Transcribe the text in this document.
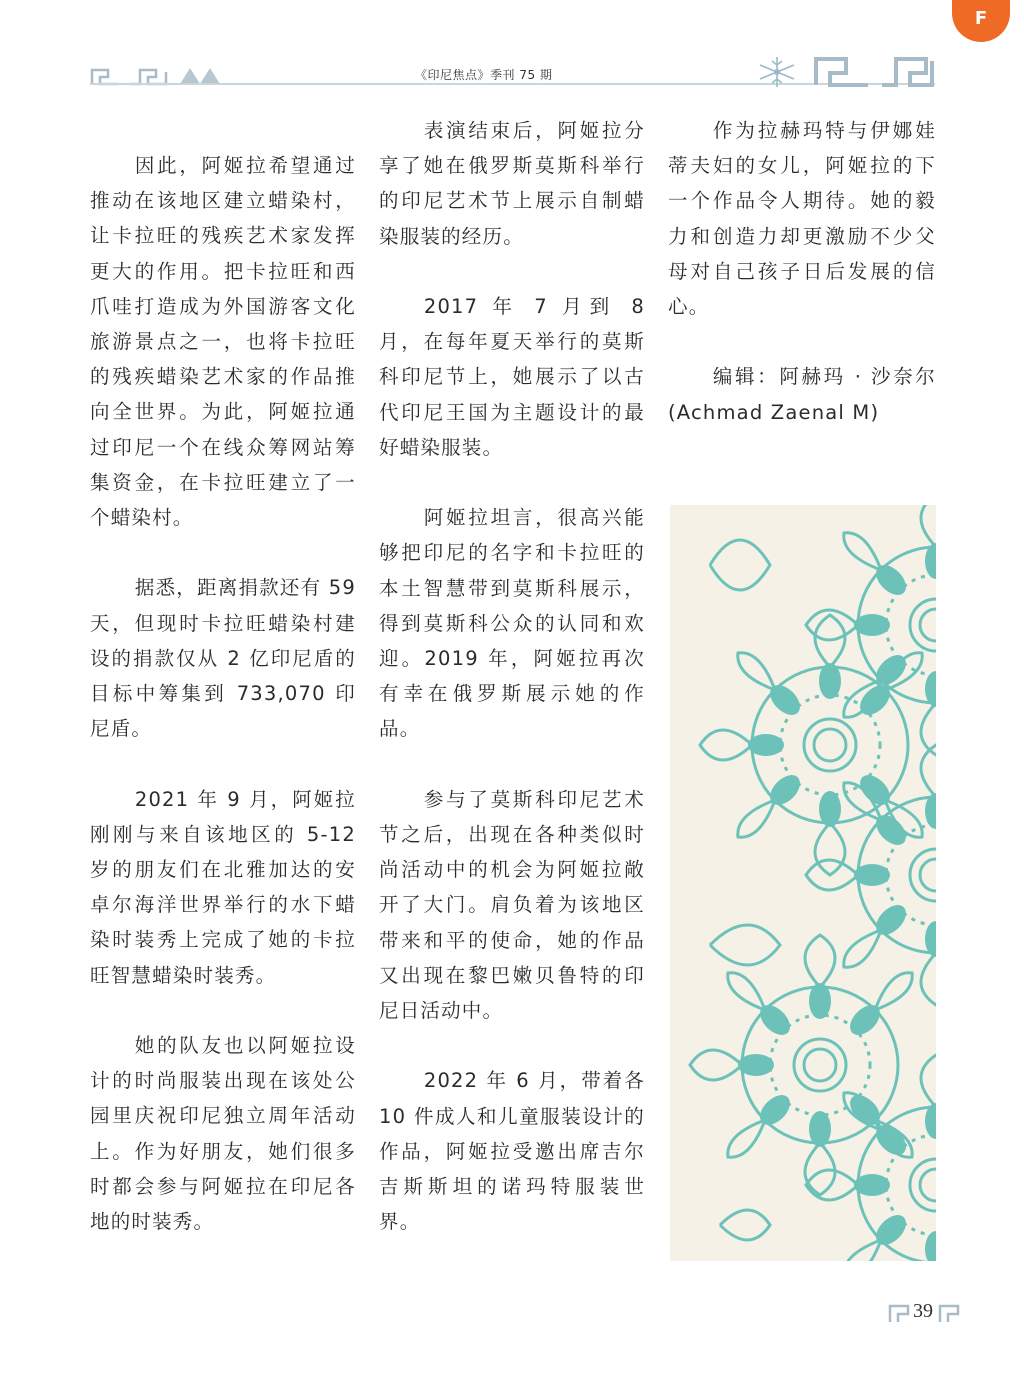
F
《印尼焦点》季刊 75 期

因此，阿姬拉希望通过推动在该地区建立蜡染村，让卡拉旺的残疾艺术家发挥更大的作用。把卡拉旺和西爪哇打造成为外国游客文化旅游景点之一，也将卡拉旺的残疾蜡染艺术家的作品推向全世界。为此，阿姬拉通过印尼一个在线众筹网站筹集资金，在卡拉旺建立了一个蜡染村。

据悉，距离捐款还有 59 天，但现时卡拉旺蜡染村建设的捐款仅从 2 亿印尼盾的目标中筹集到 733,070 印尼盾。

2021 年 9 月，阿姬拉刚刚与来自该地区的 5-12 岁的朋友们在北雅加达的安卓尔海洋世界举行的水下蜡染时装秀上完成了她的卡拉旺智慧蜡染时装秀。

她的队友也以阿姬拉设计的时尚服装出现在该处公园里庆祝印尼独立周年活动上。作为好朋友，她们很多时都会参与阿姬拉在印尼各地的时装秀。

表演结束后，阿姬拉分享了她在俄罗斯莫斯科举行的印尼艺术节上展示自制蜡染服装的经历。

2017 年 7 月到 8 月，在每年夏天举行的莫斯科印尼节上，她展示了以古代印尼王国为主题设计的最好蜡染服装。

阿姬拉坦言，很高兴能够把印尼的名字和卡拉旺的本土智慧带到莫斯科展示，得到莫斯科公众的认同和欢迎。2019 年，阿姬拉再次有幸在俄罗斯展示她的作品。

参与了莫斯科印尼艺术节之后，出现在各种类似时尚活动中的机会为阿姬拉敞开了大门。肩负着为该地区带来和平的使命，她的作品又出现在黎巴嫩贝鲁特的印尼日活动中。

2022 年 6 月，带着各 10 件成人和儿童服装设计的作品，阿姬拉受邀出席吉尔吉斯斯坦的诺玛特服装世界。

作为拉赫玛特与伊娜娃蒂夫妇的女儿，阿姬拉的下一个作品令人期待。她的毅力和创造力却更激励不少父母对自己孩子日后发展的信心。

编辑：阿赫玛 · 沙奈尔 (Achmad Zaenal M)

39
